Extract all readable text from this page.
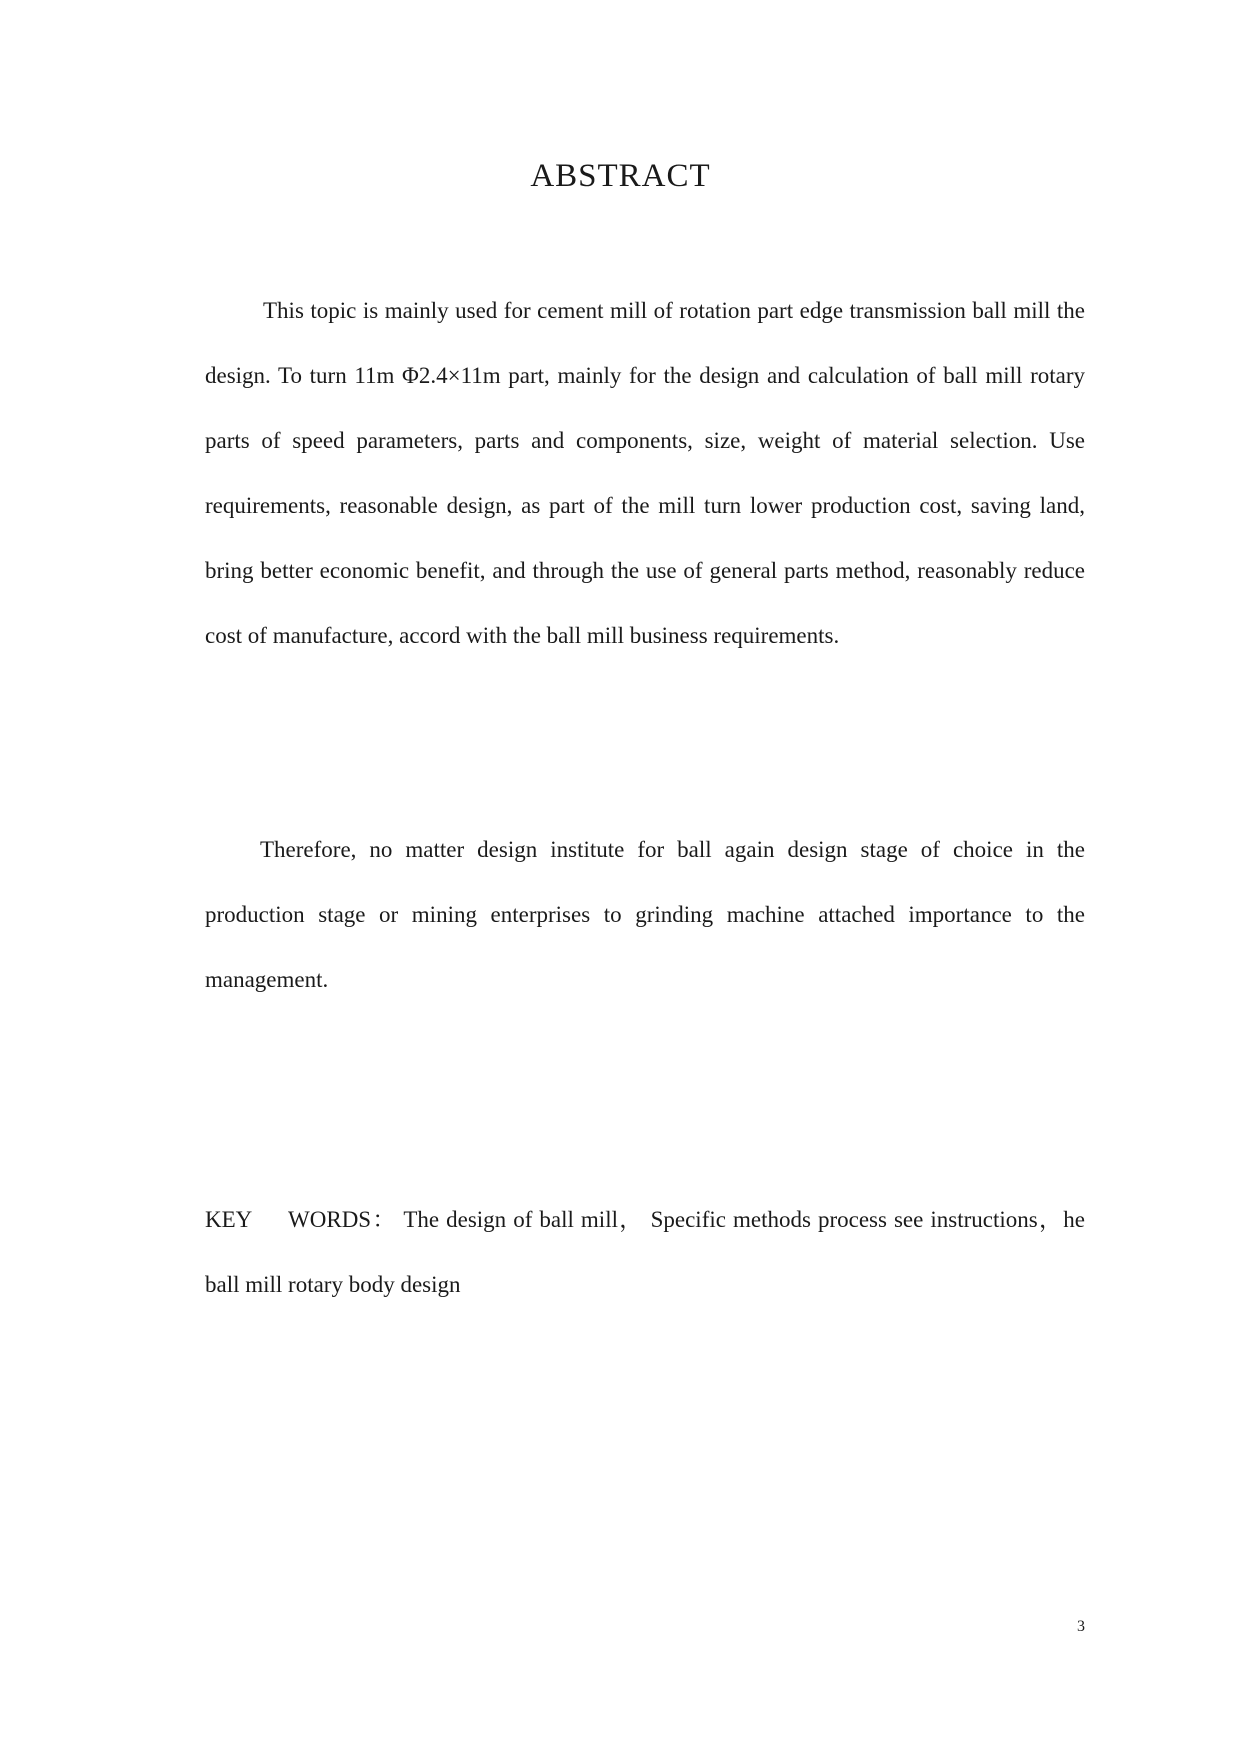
ABSTRACT

This topic is mainly used for cement mill of rotation part edge transmission ball mill the design. To turn 11m Φ2.4×11m part, mainly for the design and calculation of ball mill rotary parts of speed parameters, parts and components, size, weight of material selection. Use requirements, reasonable design, as part of the mill turn lower production cost, saving land, bring better economic benefit, and through the use of general parts method, reasonably reduce cost of manufacture, accord with the ball mill business requirements.

Therefore, no matter design institute for ball again design stage of choice in the production stage or mining enterprises to grinding machine attached importance to the management.

KEY WORDS： The design of ball mill， Specific methods process see instructions，he ball mill rotary body design

3
